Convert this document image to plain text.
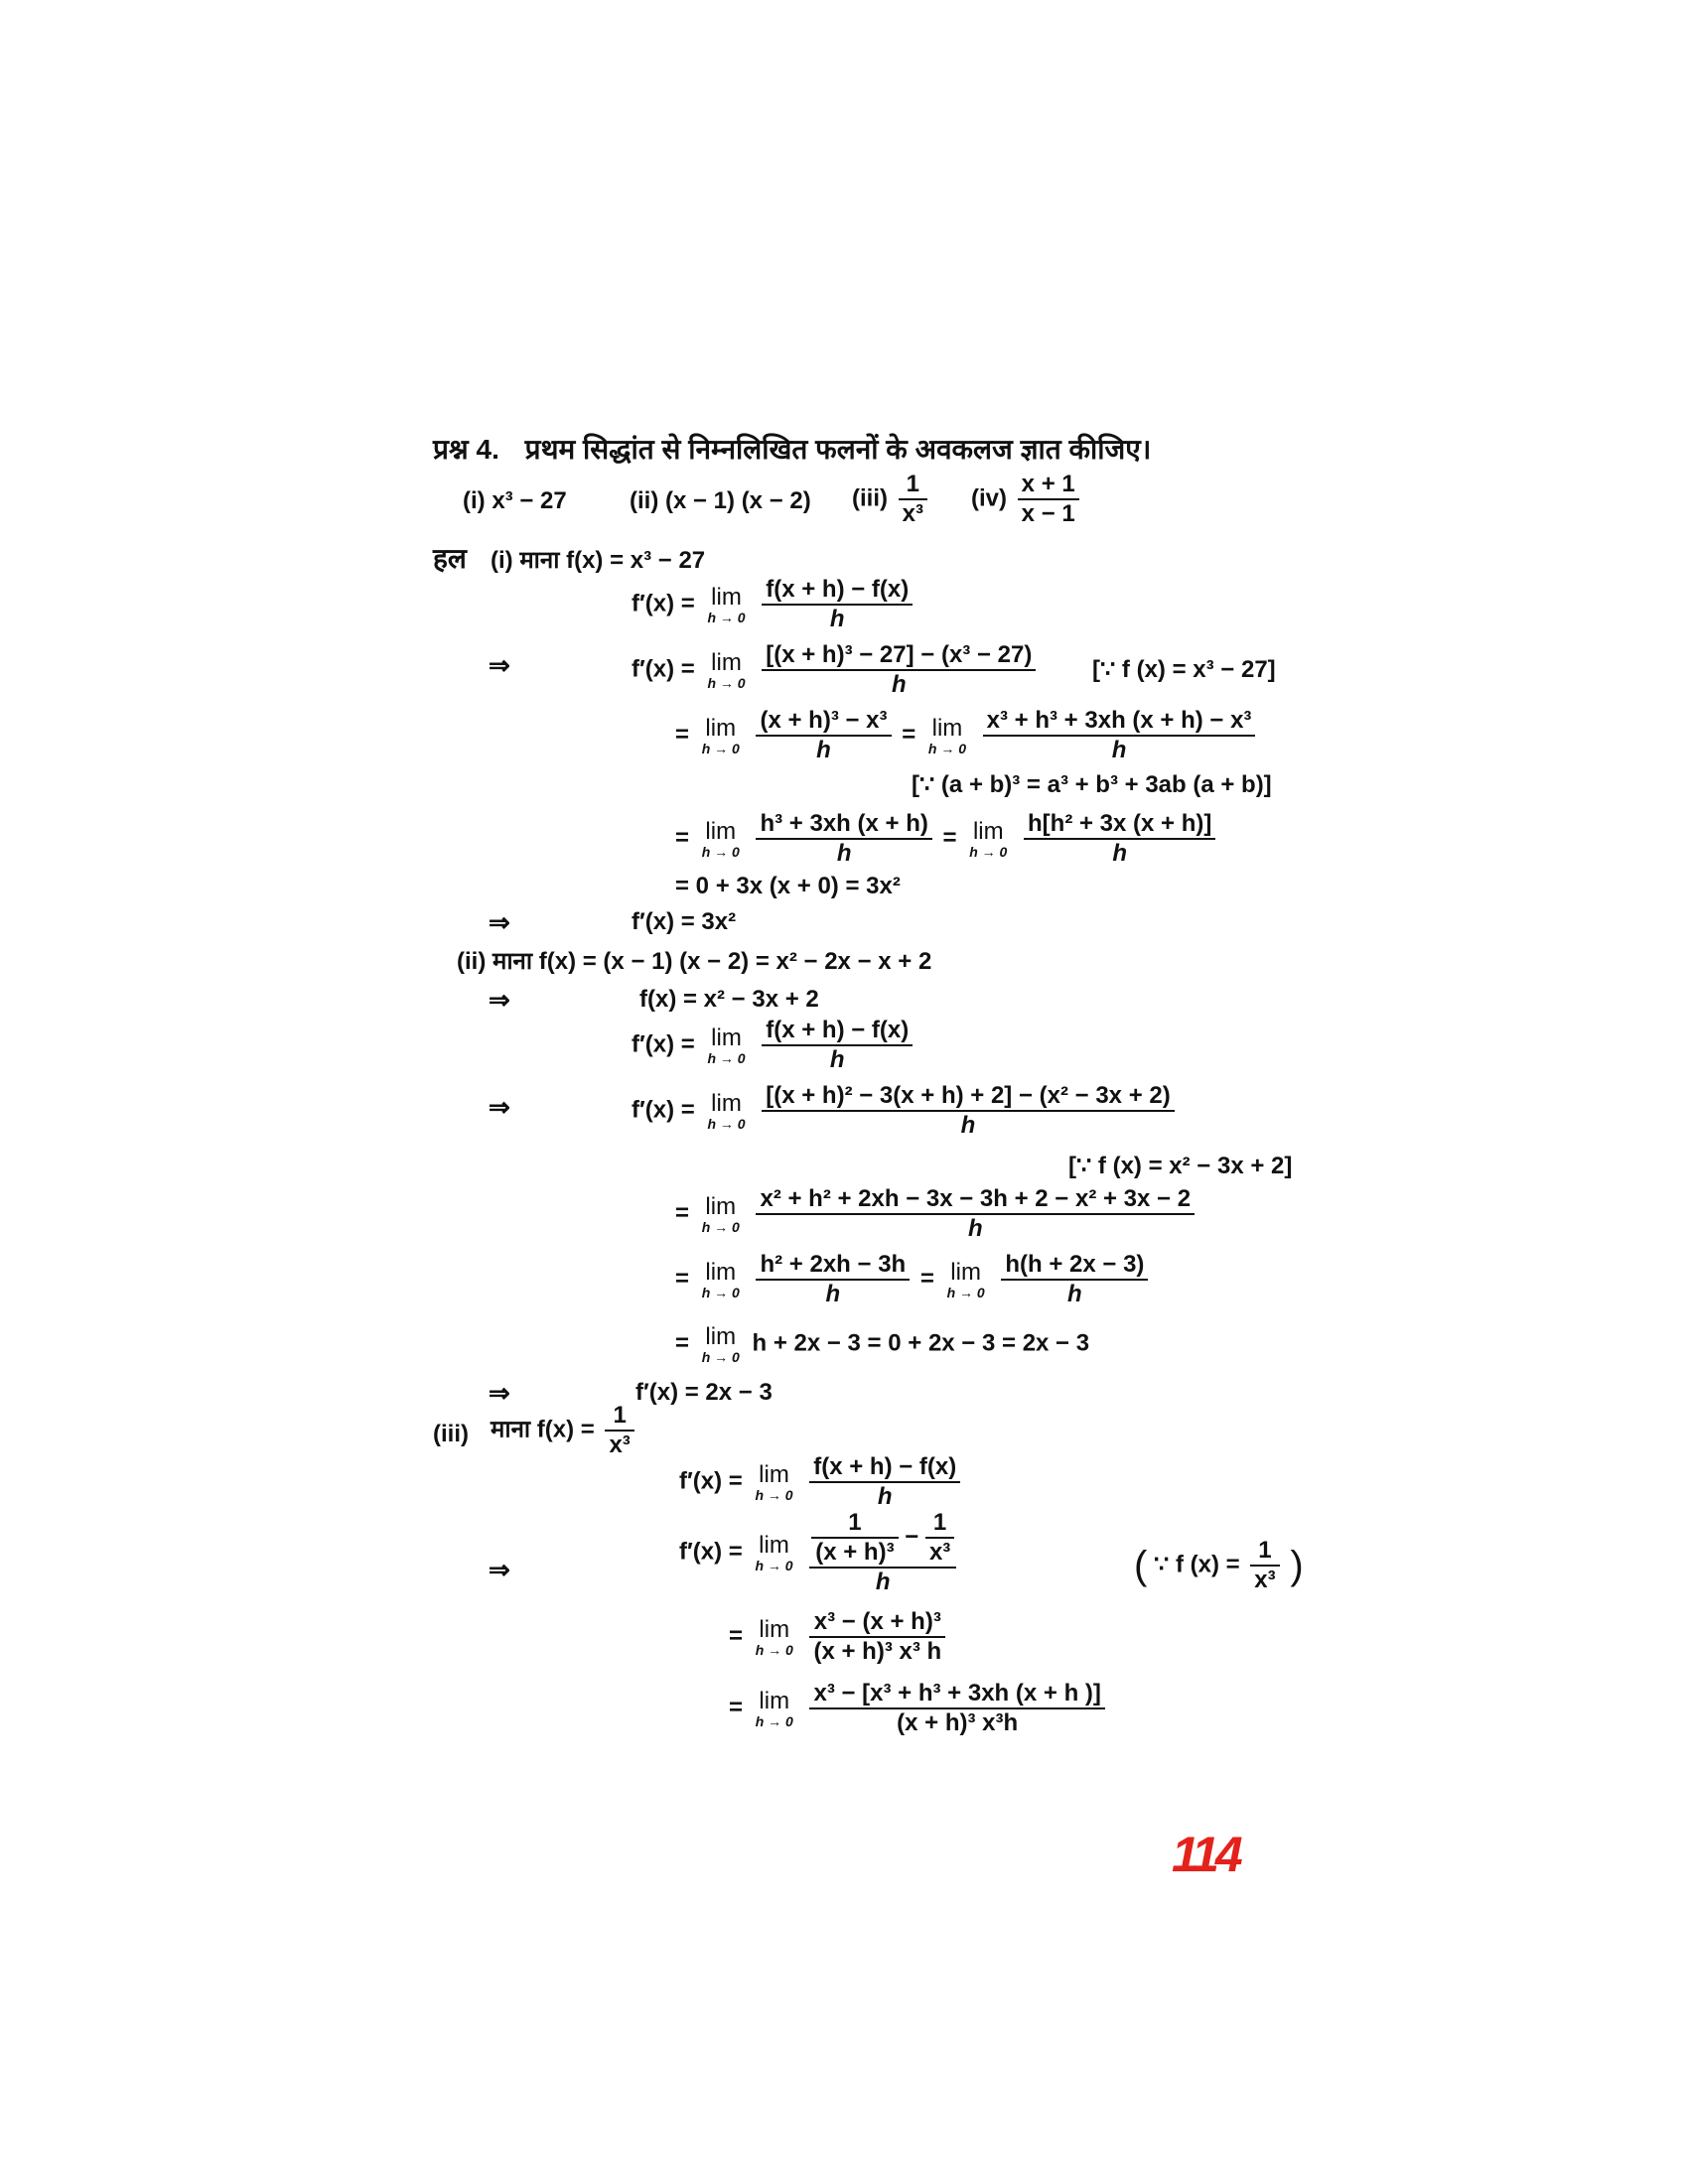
प्रश्न 4. प्रथम सिद्धांत से निम्नलिखित फलनों के अवकलज ज्ञात कीजिए।
(i) x³ − 27	(ii) (x − 1) (x − 2) $(iii) \frac{1}{\text{x³}} (iv) \frac{x + 1}{x - 1}$
हल (i) माना f(x) = x³ − 27
f′(x) = lim
h → 0
$\frac{f(x + h) - f(x)}{h}$
⇒	f′(x) = lim
h → 0
$\frac{\text{[(x + h)³ − 27] − (x³ − 27)}}{h}$ [∵ f (x) = x³ − 27]
= lim
h → 0
$\frac{\text{(x + h)³ − x³}}{h} = \lim$
h → 0
$\frac{\text{x³ + h³ + 3xh (x + h) − x³}}{h}$
[∵ (a + b)³ = a³ + b³ + 3ab (a + b)]
= lim
h → 0
$\frac{\text{h³ + 3xh (x + h)}}{h} = \lim$
h → 0
$\frac{\text{h[h² + 3x (x + h)]}}{h}$
= 0 + 3x (x + 0) = 3x²
⇒	f′(x) = 3x²
(ii) माना f(x) = (x − 1) (x − 2) = x² − 2x − x + 2
⇒	f(x) = x² − 3x + 2
f′(x) = lim
h → 0
$\frac{f(x + h) - f(x)}{h}$
⇒	f′(x) = lim
h → 0
$\frac{\text{[(x + h)² − 3(x + h) + 2] − (x² − 3x + 2)}}{h}$
[∵ f (x) = x² − 3x + 2]
= lim
h → 0
$\frac{\text{x² + h² + 2xh − 3x − 3h + 2 − x² + 3x − 2}}{h}$
= lim
h → 0
$\frac{\text{h² + 2xh − 3h}}{h} = \lim$
h → 0
$\frac{h(h + 2x - 3)}{h}$
= lim
h → 0
h + 2x − 3 = 0 + 2x − 3 = 2x − 3
⇒	f′(x) = 2x − 3
(iii) माना $f(x) = \frac{1}{\text{x³}}$
f′(x) = lim
h → 0
$\frac{f(x + h) - f(x)}{h}$
⇒
f′(x) = lim
h → 0
$\frac{\frac{1}{\text{(x + h)³}} - \frac{1}{\text{x³}}}{h}$	( ∵ f $(x) = \frac{1}{\text{x³}}$ )
= lim
h → 0
$\frac{\text{x³ − (x + h)³}}{\text{(x + h)³ x³ h}}$
= lim
h → 0
$\frac{\text{x³ − [x³ + h³ + 3xh (x + h )]}}{\text{(x + h)³ x³h}}$
114
